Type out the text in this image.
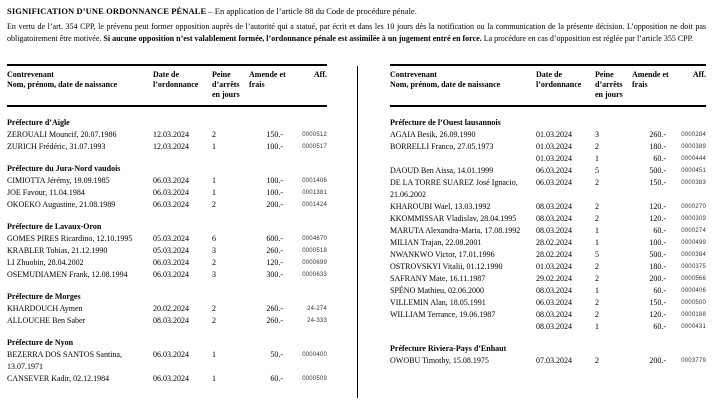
SIGNIFICATION D’UNE ORDONNANCE PÉNALE – En application de l’article 88 du Code de procédure pénale.
En vertu de l’art. 354 CPP, le prévenu peut former opposition auprès de l’autorité qui a statué, par écrit et dans les 10 jours dès la notification ou la communication de la présente décision. L’opposition ne doit pas obligatoirement être motivée. Si aucune opposition n’est valablement formée, l’ordonnance pénale est assimilée à un jugement entré en force. La procédure en cas d’opposition est réglée par l’article 355 CPP.
Contrevenant
Nom, prénom, date de naissance
Date de l’ordonnance
Peine d’arrêts en jours
Amende et frais
Aff.
Préfecture d’Aigle
ZEROUALI Mouncif, 20.07.1986	12.03.2024	2	150.-	0000512
ZURICH Frédéric, 31.07.1993	12.03.2024	1	100.-	0000517
Préfecture du Jura-Nord vaudois
CIMIOTTA Jérémy, 19.09.1985	06.03.2024	1	100.-	0001406
JOE Favour, 11.04.1984	06.03.2024	1	100.-	0001381
OKOEKO Augustine, 21.08.1989	06.03.2024	2	200.-	0001424
Préfecture de Lavaux-Oron
GOMES PIRES Ricardino, 12.10.1995	05.03.2024	6	600.-	0004670
KRABLER Tobias, 21.12.1990	05.03.2024	3	260.-	0000518
LI Zhuobin, 28.04.2002	06.03.2024	2	120.-	0000699
OSEMUDIAMEN Frank, 12.08.1994	06.03.2024	3	300.-	0000633
Préfecture de Morges
KHARDOUCH Aymen	20.02.2024	2	260.-	24-274
ALLOUCHE Ben Saber	08.03.2024	2	260.-	24-333
Préfecture de Nyon
BEZERRA DOS SANTOS Santina, 13.07.1971
06.03.2024	1	50.-	0000400
CANSEVER Kadir, 02.12.1984	06.03.2024	1	60.-	0000509
Contrevenant
Nom, prénom, date de naissance
Date de l’ordonnance
Peine d’arrêts en jours
Amende et frais
Aff.
Préfecture de l’Ouest lausannois
AGAIA Besik, 26.09.1990	01.03.2024	3	260.-	0000284
BORRELLI Franco, 27.05.1973	01.03.2024	2	180.-	0000389
01.03.2024	1	60.-	0000444
DAOUD Ben Aissa, 14.01.1999	06.03.2024	5	500.-	0000451
DE LA TORRE SUAREZ José Ignacio, 21.06.2002
06.03.2024	2	150.-	0000383
KHAROUBI Wael, 13.03.1992	08.03.2024	2	120.-	0000270
KKOMMISSAR Vladislav, 28.04.1995	08.03.2024	2	120.-	0000309
MARUTA Alexandra-Maria, 17.08.1992	08.03.2024	1	60.-	0000274
MILIAN Trajan, 22.08.2001	28.02.2024	1	100.-	0000499
NWANKWO Victor, 17.01.1996	28.02.2024	5	500.-	0000384
OSTROVSKYI Vitalii, 01.12.1990	01.03.2024	2	180.-	0000375
SAFRANY Mate, 16.11.1987	29.02.2024	2	200.-	0000566
SPÉNO Mathieu, 02.06.2000	08.03.2024	1	60.-	0000406
VILLEMIN Alan, 18.05.1991	06.03.2024	2	150.-	0000500
WILLIAM Terrance, 19.06.1987	08.03.2024	2	120.-	0000188
08.03.2024	1	60.-	0000431
Préfecture Riviera-Pays d’Enhaut
OWOBU Timothy, 15.08.1975	07.03.2024	2	200.-	0003779
